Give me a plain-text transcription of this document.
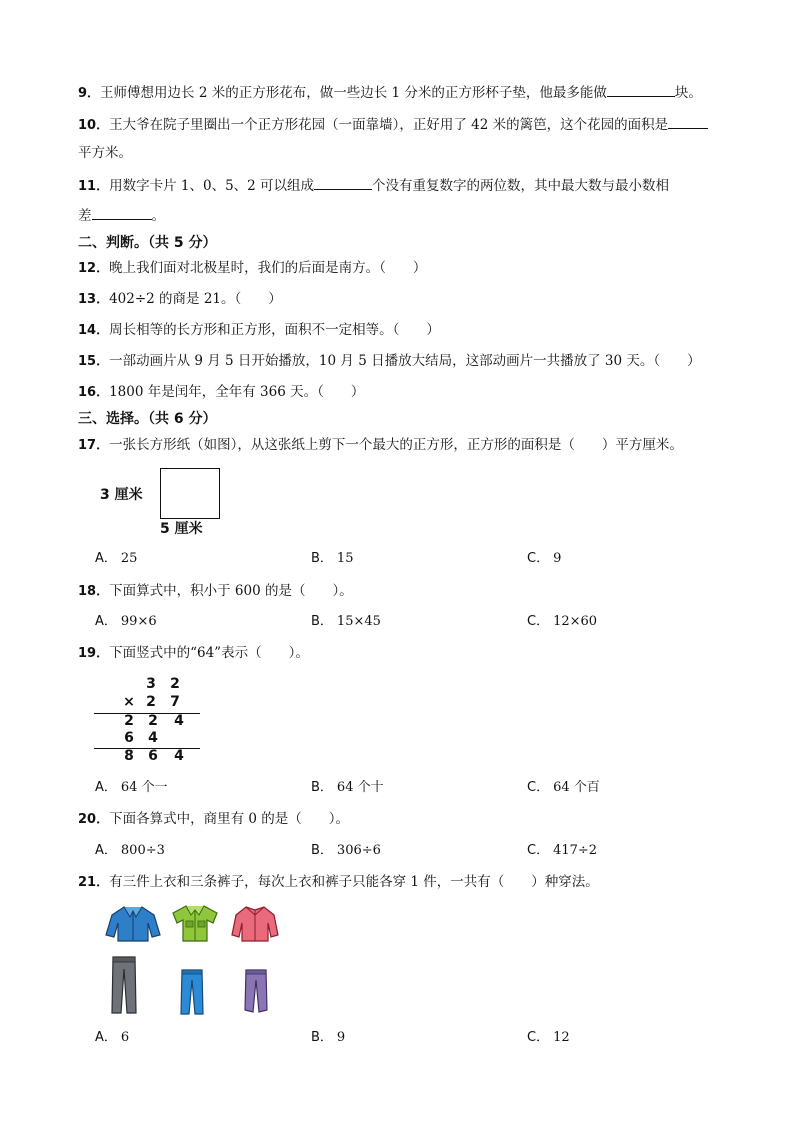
9．王师傅想用边长 2 米的正方形花布，做一些边长 1 分米的正方形杯子垫，他最多能做	块。
10．王大爷在院子里圈出一个正方形花园（一面靠墙），正好用了 42 米的篱笆，这个花园的面积是
平方米。
11．用数字卡片 1、0、5、2 可以组成	个没有重复数字的两位数，其中最大数与最小数相
差	。
二、判断。（共 5 分）
12．晚上我们面对北极星时，我们的后面是南方。（　　）
13．402÷2 的商是 21。（　　）
14．周长相等的长方形和正方形，面积不一定相等。（　　）
15．一部动画片从 9 月 5 日开始播放，10 月 5 日播放大结局，这部动画片一共播放了 30 天。（　　）
16．1800 年是闰年，全年有 366 天。（　　）
三、选择。（共 6 分）
17．一张长方形纸（如图），从这张纸上剪下一个最大的正方形，正方形的面积是（　　）平方厘米。
3 厘米
5 厘米
A． 25	B． 15	C． 9
18．下面算式中，积小于 600 的是（　　）。
A． 99×6	B． 15×45	C． 12×60
19．下面竖式中的“64”表示（　　）。
3 2
× 2 7
2 2 4
6 4
8 6 4
A． 64 个一	B． 64 个十	C． 64 个百
20．下面各算式中，商里有 0 的是（　　）。
A． 800÷3	B． 306÷6	C． 417÷2
21．有三件上衣和三条裤子，每次上衣和裤子只能各穿 1 件，一共有（　　）种穿法。
A． 6	B． 9	C． 12
